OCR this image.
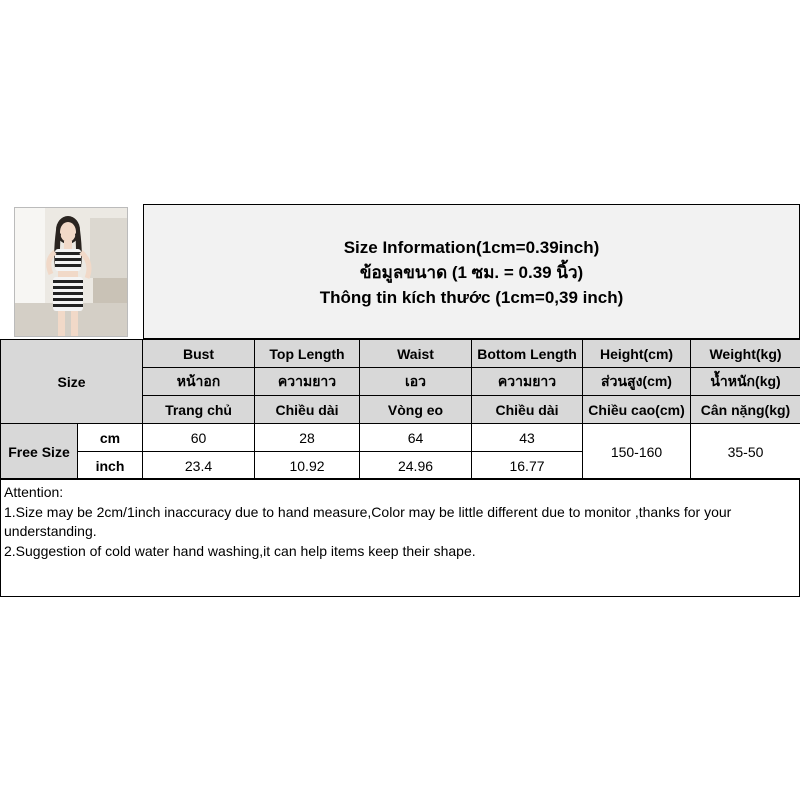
Size Information(1cm=0.39inch)
ข้อมูลขนาด (1 ซม. = 0.39 นิ้ว)
Thông tin kích thước (1cm=0,39 inch)
Size		Bust	Top Length	Waist	Bottom Length	Height(cm)	Weight(kg)
		หน้าอก	ความยาว	เอว	ความยาว	ส่วนสูง(cm)	น้ำหนัก(kg)
		Trang chủ	Chiều dài	Vòng eo	Chiều dài	Chiều cao(cm)	Cân nặng(kg)
Free Size	cm	60	28	64	43	150-160	35-50
	inch	23.4	10.92	24.96	16.77		
Attention:
1.Size may be 2cm/1inch inaccuracy due to hand measure,Color may be little different due to monitor ,thanks for your understanding.
2.Suggestion of cold water hand washing,it can help items keep their shape.
